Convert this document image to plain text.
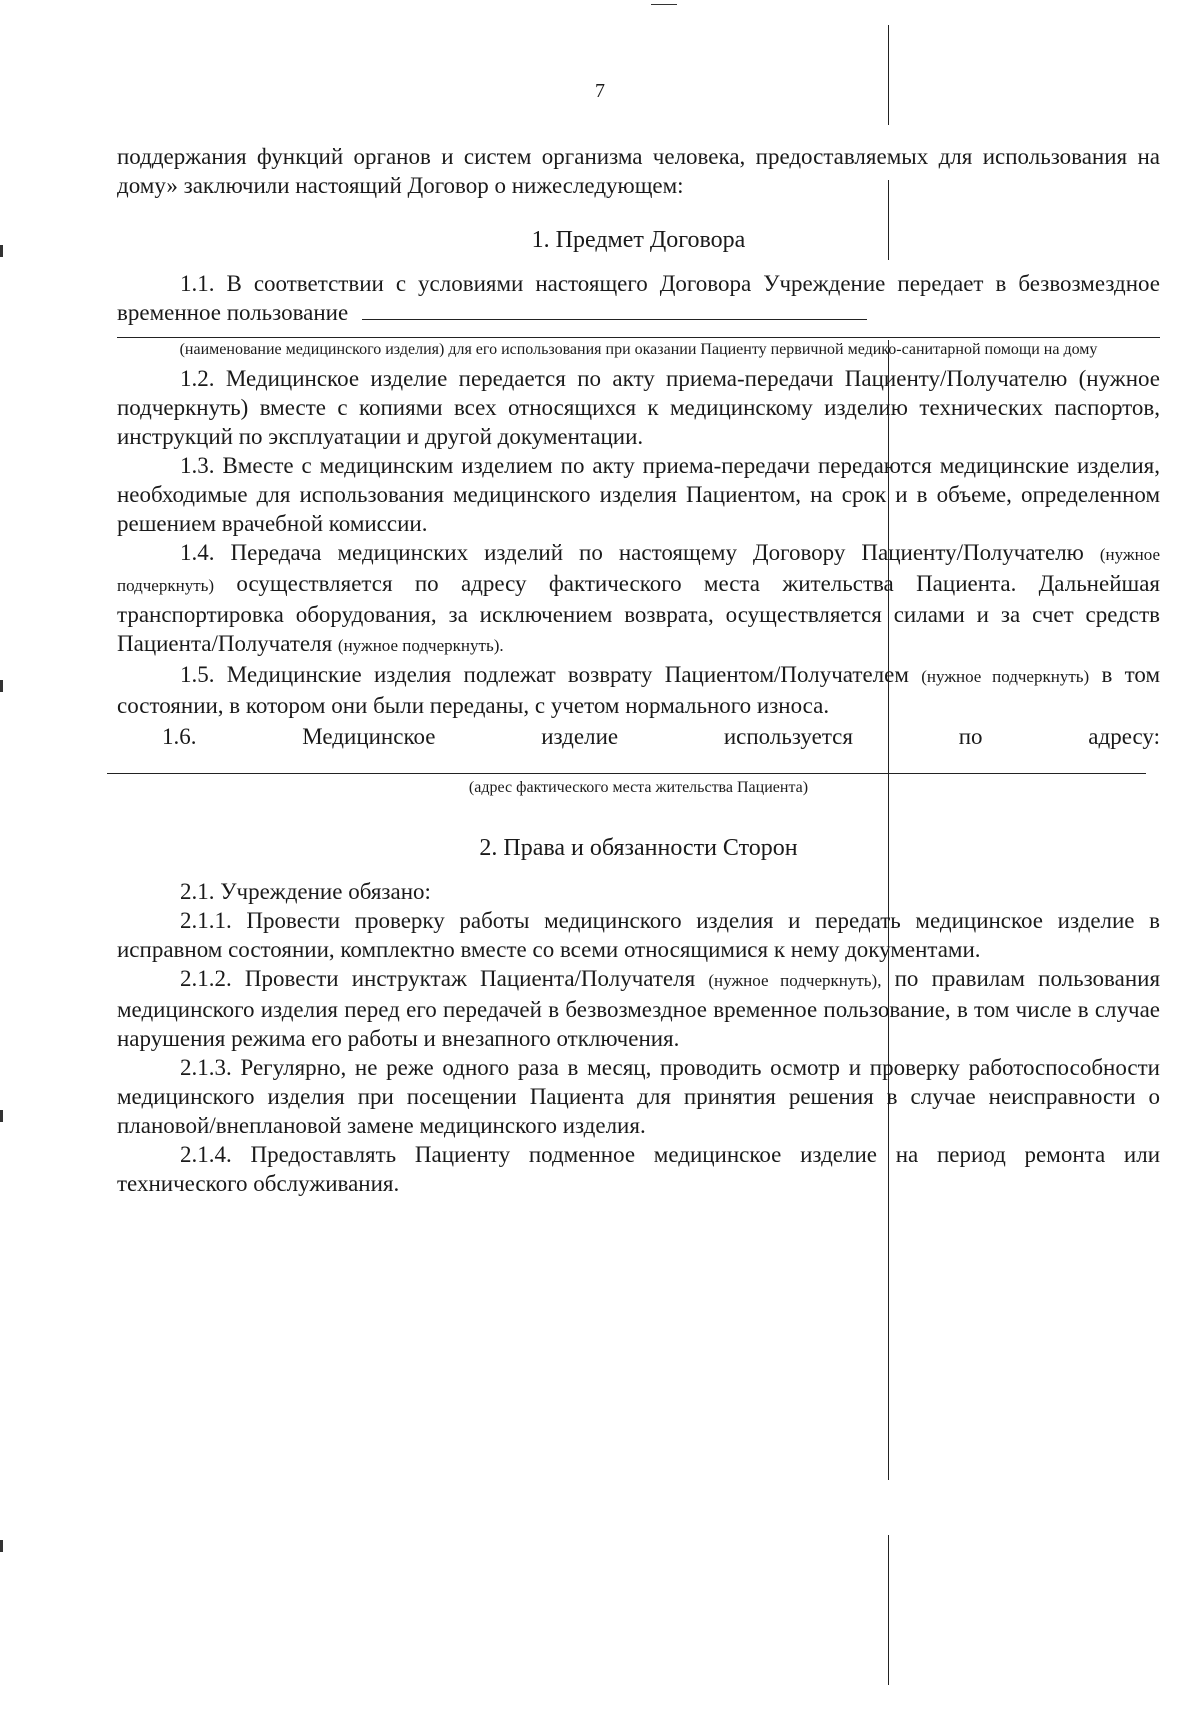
7

поддержания функций органов и систем организма человека, предоставляемых для использования на дому» заключили настоящий Договор о нижеследующем:

1. Предмет Договора

1.1. В соответствии с условиями настоящего Договора Учреждение передает в безвозмездное временное пользование

(наименование медицинского изделия) для его использования при оказании Пациенту первичной медико-санитарной помощи на дому

1.2. Медицинское изделие передается по акту приема-передачи Пациенту/Получателю (нужное подчеркнуть) вместе с копиями всех относящихся к медицинскому изделию технических паспортов, инструкций по эксплуатации и другой документации.

1.3. Вместе с медицинским изделием по акту приема-передачи передаются медицинские изделия, необходимые для использования медицинского изделия Пациентом, на срок и в объеме, определенном решением врачебной комиссии.

1.4. Передача медицинских изделий по настоящему Договору Пациенту/Получателю (нужное подчеркнуть) осуществляется по адресу фактического места жительства Пациента. Дальнейшая транспортировка оборудования, за исключением возврата, осуществляется силами и за счет средств Пациента/Получателя (нужное подчеркнуть).

1.5. Медицинские изделия подлежат возврату Пациентом/Получателем (нужное подчеркнуть) в том состоянии, в котором они были переданы, с учетом нормального износа.

1.6.	Медицинское	изделие	используется	по	адресу:
(адрес фактического места жительства Пациента)
2. Права и обязанности Сторон

2.1. Учреждение обязано:

2.1.1. Провести проверку работы медицинского изделия и передать медицинское изделие в исправном состоянии, комплектно вместе со всеми относящимися к нему документами.

2.1.2. Провести инструктаж Пациента/Получателя (нужное подчеркнуть), по правилам пользования медицинского изделия перед его передачей в безвозмездное временное пользование, в том числе в случае нарушения режима его работы и внезапного отключения.

2.1.3. Регулярно, не реже одного раза в месяц, проводить осмотр и проверку работоспособности медицинского изделия при посещении Пациента для принятия решения в случае неисправности о плановой/внеплановой замене медицинского изделия.

2.1.4. Предоставлять Пациенту подменное медицинское изделие на период ремонта или технического обслуживания.
